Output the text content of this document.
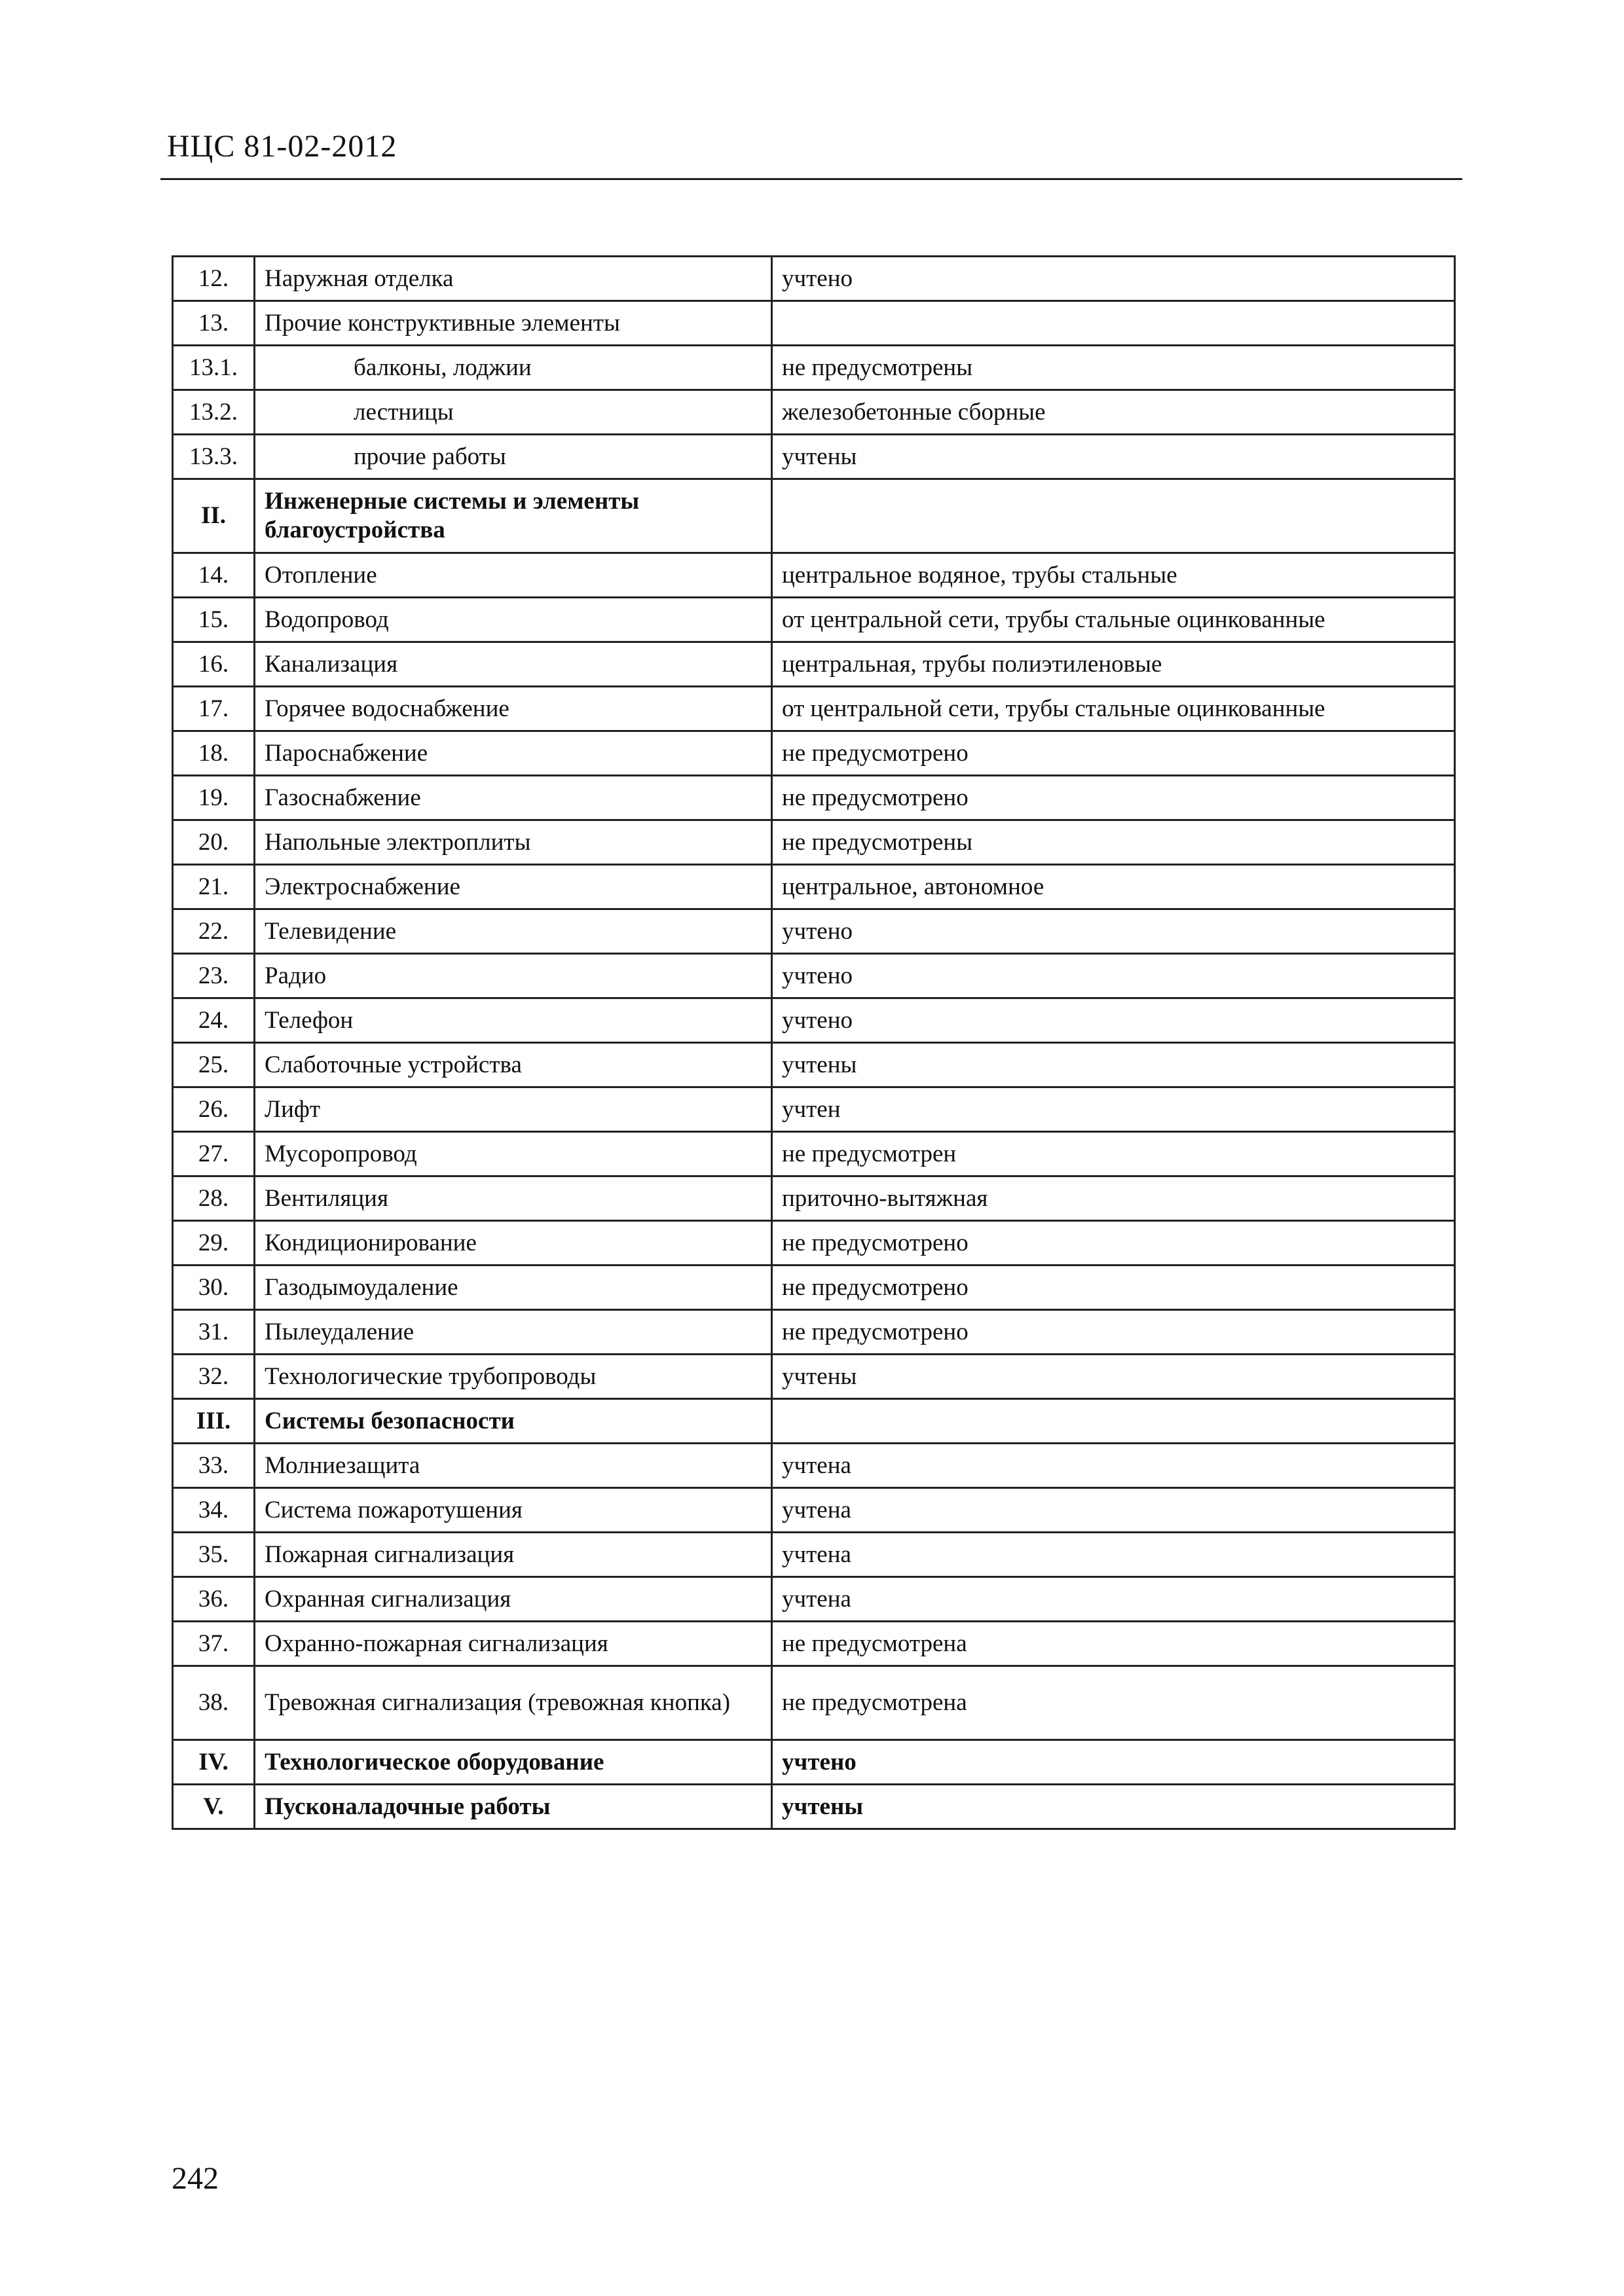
НЦС 81-02-2012
12.	Наружная отделка	учтено
13.	Прочие конструктивные элементы	
13.1.	балконы, лоджии	не предусмотрены
13.2.	лестницы	железобетонные сборные
13.3.	прочие работы	учтены
II.	Инженерные системы и элементы благоустройства	
14.	Отопление	центральное водяное, трубы стальные
15.	Водопровод	от центральной сети, трубы стальные оцинкованные
16.	Канализация	центральная, трубы полиэтиленовые
17.	Горячее водоснабжение	от центральной сети, трубы стальные оцинкованные
18.	Пароснабжение	не предусмотрено
19.	Газоснабжение	не предусмотрено
20.	Напольные электроплиты	не предусмотрены
21.	Электроснабжение	центральное, автономное
22.	Телевидение	учтено
23.	Радио	учтено
24.	Телефон	учтено
25.	Слаботочные устройства	учтены
26.	Лифт	учтен
27.	Мусоропровод	не предусмотрен
28.	Вентиляция	приточно-вытяжная
29.	Кондиционирование	не предусмотрено
30.	Газодымоудаление	не предусмотрено
31.	Пылеудаление	не предусмотрено
32.	Технологические трубопроводы	учтены
III.	Системы безопасности	
33.	Молниезащита	учтена
34.	Система пожаротушения	учтена
35.	Пожарная сигнализация	учтена
36.	Охранная сигнализация	учтена
37.	Охранно-пожарная сигнализация	не предусмотрена
38.	Тревожная сигнализация (тревожная кнопка)	не предусмотрена
IV.	Технологическое оборудование	учтено
V.	Пусконаладочные работы	учтены
242
